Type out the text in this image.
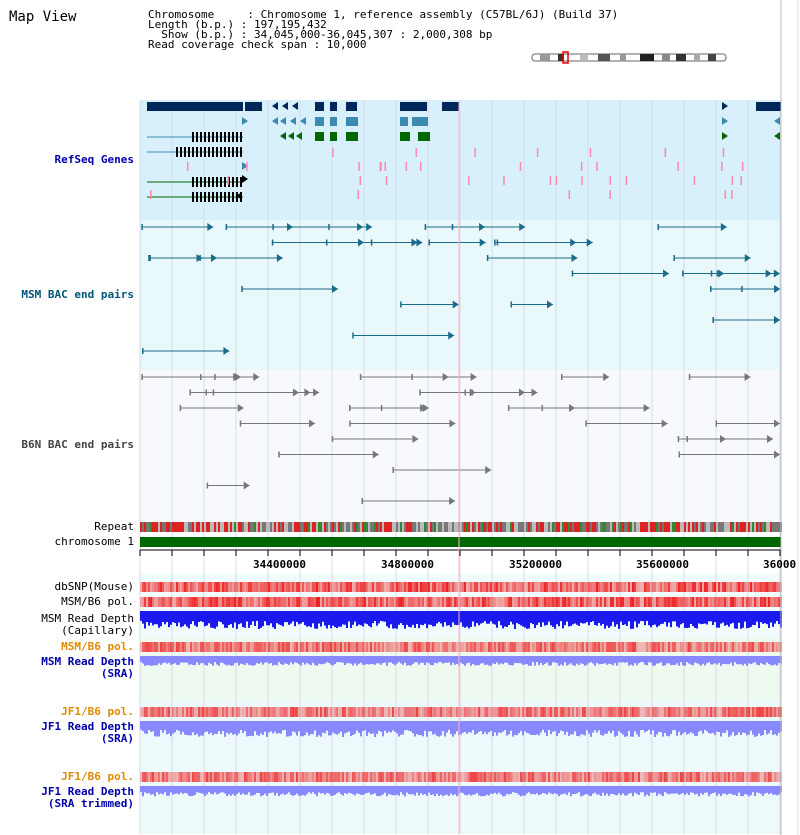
Map View	Chromosome     : Chromosome 1, reference assembly (C57BL/6J) (Build 37)
Length (b.p.) : 197,195,432
Show (b.p.) : 34,045,000-36,045,307 : 2,000,308 bp
Read coverage check span : 10,000
RefSeq Genes
MSM BAC end pairs
B6N BAC end pairs
Repeat
chromosome 1
dbSNP(Mouse)
MSM/B6 pol.
MSM Read Depth
(Capillary)
MSM/B6 pol.
MSM Read Depth
(SRA)
JF1/B6 pol.
JF1 Read Depth
(SRA)
JF1/B6 pol.
JF1 Read Depth
(SRA trimmed)
34400000	34800000	35200000	35600000	36000
